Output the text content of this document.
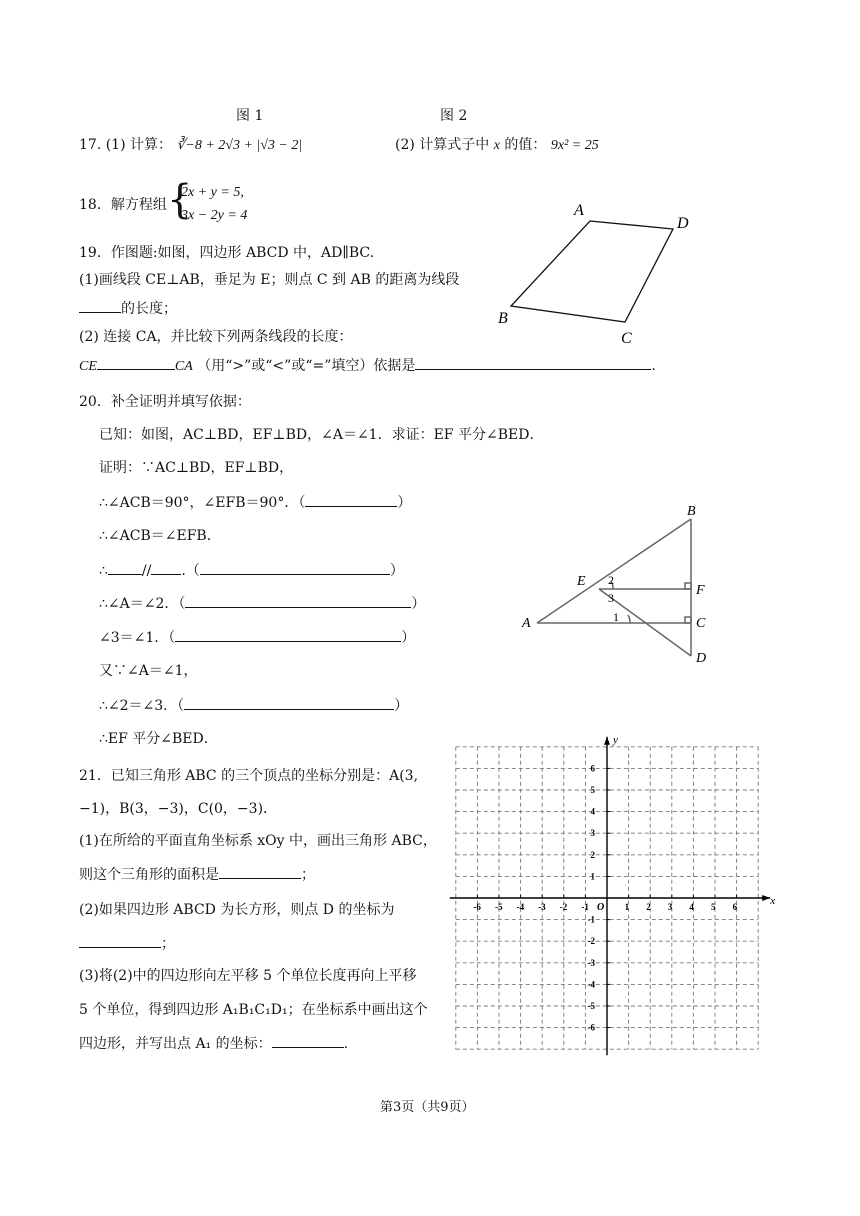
图 1	图 2
17. (1) 计算： ∛−8 + 2√3 + |√3 − 2|	(2) 计算式子中 x 的值： 9x² = 25
18．解方程组 {
2x + y = 5,
3x − 2y = 4
19．作图题:如图，四边形 ABCD 中，AD∥BC.
(1)画线段 CE⊥AB，垂足为 E；则点 C 到 AB 的距离为线段
的长度；
(2) 连接 CA，并比较下列两条线段的长度：
CE	CA （用“>”或“<”或“=”填空）依据是	.
A
D
B
C
20．补全证明并填写依据：
已知：如图，AC⊥BD，EF⊥BD，∠A＝∠1．求证：EF 平分∠BED．
证明：∵AC⊥BD，EF⊥BD，
∴∠ACB＝90°，∠EFB＝90°．（	）
∴∠ACB＝∠EFB．
∴ // .（	）
∴∠A＝∠2．（	）
∠3＝∠1．（	）
又∵∠A＝∠1，
∴∠2＝∠3．（	）
∴EF 平分∠BED．
B
E
F
A	C
D
1
2
3
21．已知三角形 ABC 的三个顶点的坐标分别是：A(3,
−1)，B(3，−3)，C(0，−3)．
(1)在所给的平面直角坐标系 xOy 中，画出三角形 ABC，
则这个三角形的面积是	；
(2)如果四边形 ABCD 为长方形，则点 D 的坐标为
；
(3)将(2)中的四边形向左平移 5 个单位长度再向上平移
5 个单位，得到四边形 A₁B₁C₁D₁；在坐标系中画出这个
四边形，并写出点 A₁ 的坐标：	.
-6 -5 -4 -3 -2 -1	1 2 3 4 5 6
6
5
4
3
2
1
-1
-2
-3
-4
-5
-6
O
x
y
第3页（共9页）
